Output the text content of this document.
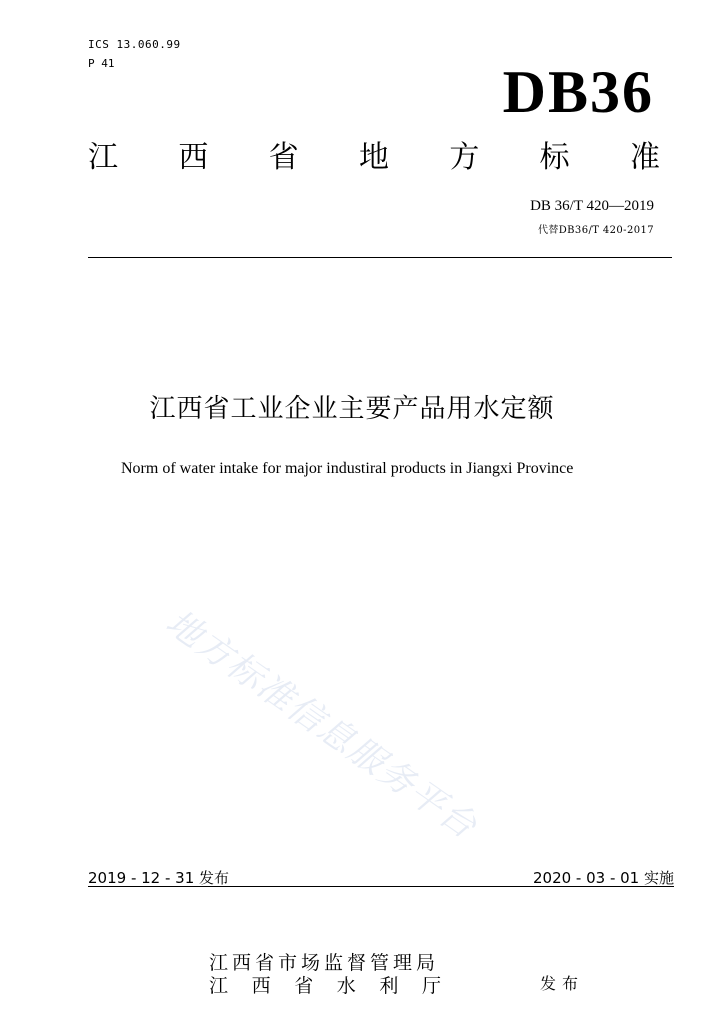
ICS 13.060.99
P 41	DB36
江 西 省 地 方 标 准
DB 36/T 420—2019
代替DB36/T 420-2017
江西省工业企业主要产品用水定额
Norm of water intake for major industiral products in Jiangxi Province
地方标准信息服务平台
2019 - 12 - 31 发布	2020 - 03 - 01 实施
江西省市场监督管理局
江 西 省 水 利 厅	发布
